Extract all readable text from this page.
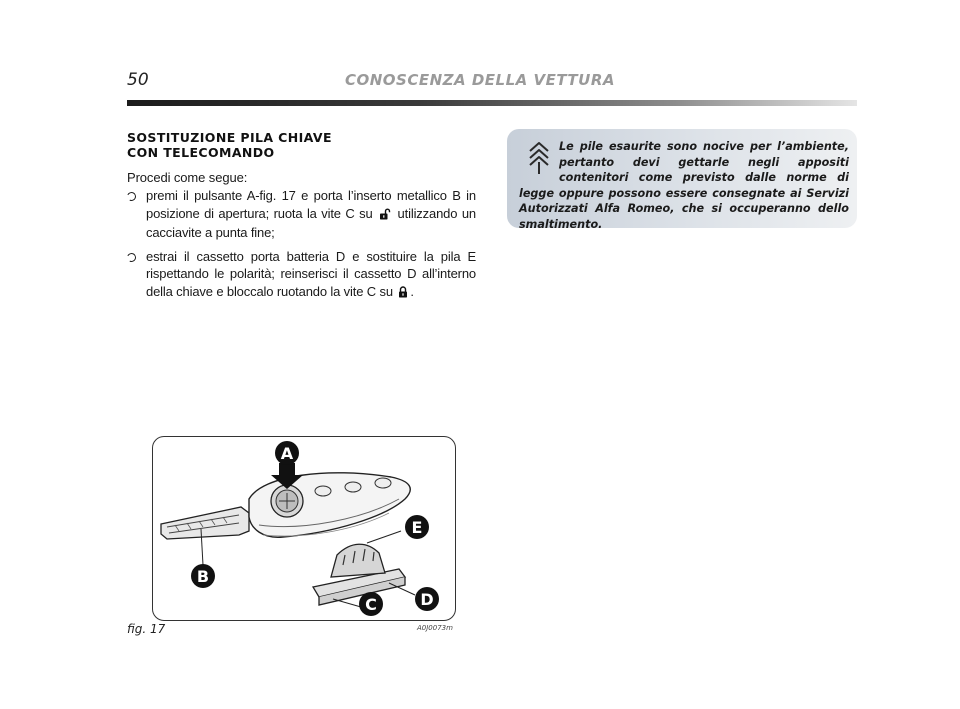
50	CONOSCENZA DELLA VETTURA
SOSTITUZIONE PILA CHIAVE
CON TELECOMANDO
Procedi come segue:
premi il pulsante A-fig. 17 e porta l’inserto metallico B in posizione di apertura; ruota la vite C su utilizzando un cacciavite a punta fine;
estrai il cassetto porta batteria D e sostituire la pila E rispettando le polarità; reinserisci il cassetto D all’interno della chiave e bloccalo ruotando la vite C su .

Le pile esaurite sono nocive per l’ambiente, pertanto devi gettarle negli appositi contenitori come previsto dalle norme di legge oppure possono essere consegnate ai Servizi Autorizzati Alfa Romeo, che si occuperanno dello smaltimento.

A
B
C	D
E
fig. 17	A0J0073m
